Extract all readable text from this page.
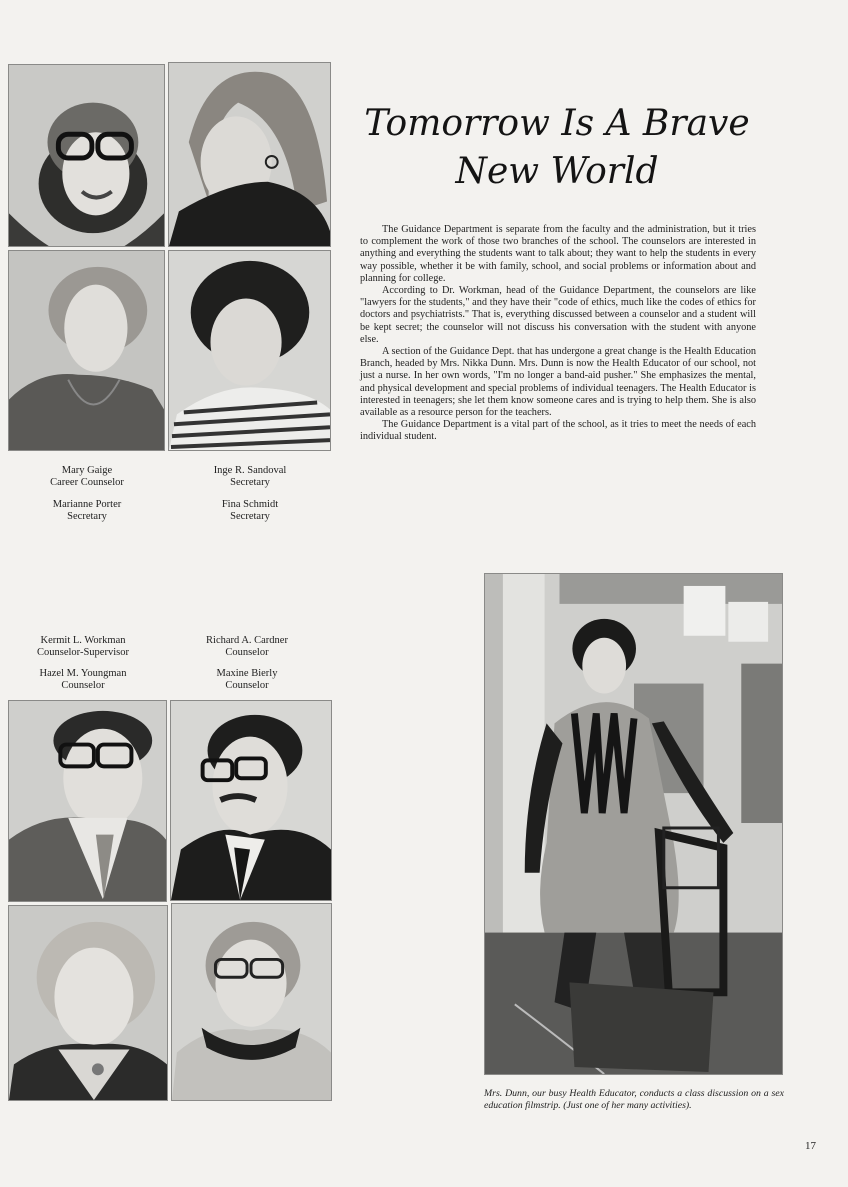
Mary Gaige
Career Counselor
Inge R. Sandoval
Secretary
Marianne Porter
Secretary
Fina Schmidt
Secretary
Tomorrow Is A Brave New World

The Guidance Department is separate from the faculty and the administration, but it tries to complement the work of those two branches of the school. The counselors are interested in anything and everything the students want to talk about; they want to help the students in every way possible, whether it be with family, school, and social problems or information about and planning for college.

According to Dr. Workman, head of the Guidance Department, the counselors are like "lawyers for the students," and they have their "code of ethics, much like the codes of ethics for doctors and psychiatrists." That is, everything discussed between a counselor and a student will be kept secret; the counselor will not discuss his conversation with the student with anyone else.

A section of the Guidance Dept. that has undergone a great change is the Health Education Branch, headed by Mrs. Nikka Dunn. Mrs. Dunn is now the Health Educator of our school, not just a nurse. In her own words, "I'm no longer a band-aid pusher." She emphasizes the mental, and physical development and special problems of individual teenagers. The Health Educator is interested in teenagers; she let them know someone cares and is trying to help them. She is also available as a resource person for the teachers.

The Guidance Department is a vital part of the school, as it tries to meet the needs of each individual student.

Kermit L. Workman
Counselor-Supervisor
Richard A. Cardner
Counselor
Hazel M. Youngman
Counselor
Maxine Bierly
Counselor
Mrs. Dunn, our busy Health Educator, conducts a class discussion on a sex education filmstrip. (Just one of her many activities).
17
